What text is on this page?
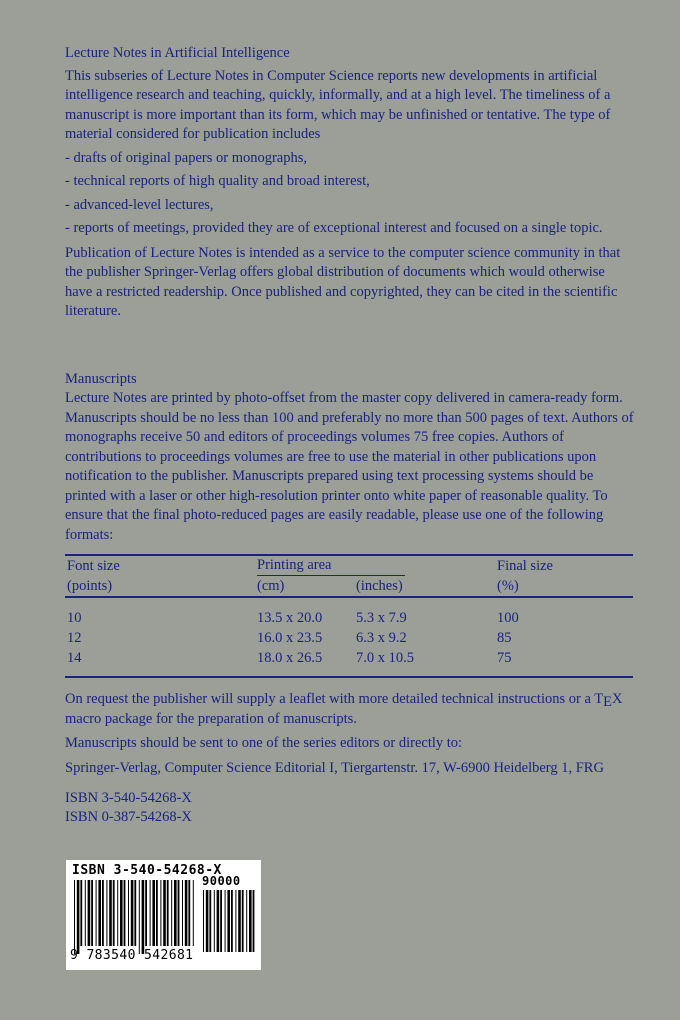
Lecture Notes in Artificial Intelligence

This subseries of Lecture Notes in Computer Science reports new developments in artificial intelligence research and teaching, quickly, informally, and at a high level. The timeliness of a manuscript is more important than its form, which may be unfinished or tentative. The type of material considered for publication includes

- drafts of original papers or monographs,

- technical reports of high quality and broad interest,

- advanced-level lectures,

- reports of meetings, provided they are of exceptional interest and focused on a single topic.

Publication of Lecture Notes is intended as a service to the computer science community in that the publisher Springer-Verlag offers global distribution of documents which would otherwise have a restricted readership. Once published and copyrighted, they can be cited in the scientific literature.

Manuscripts

Lecture Notes are printed by photo-offset from the master copy delivered in camera-ready form. Manuscripts should be no less than 100 and preferably no more than 500 pages of text. Authors of monographs receive 50 and editors of proceedings volumes 75 free copies. Authors of contributions to proceedings volumes are free to use the material in other publications upon notification to the publisher. Manuscripts prepared using text processing systems should be printed with a laser or other high-resolution printer onto white paper of reasonable quality. To ensure that the final photo-reduced pages are easily readable, please use one of the following formats:

Font size	Printing area		Final size
(points)	(cm)	(inches)	(%)
10	13.5 x 20.0	5.3 x 7.9	100
12	16.0 x 23.5	6.3 x 9.2	85
14	18.0 x 26.5	7.0 x 10.5	75

On request the publisher will supply a leaflet with more detailed technical instructions or a TEX macro package for the preparation of manuscripts.

Manuscripts should be sent to one of the series editors or directly to:

Springer-Verlag, Computer Science Editorial I, Tiergartenstr. 17, W-6900 Heidelberg 1, FRG

ISBN 3-540-54268-X

ISBN 0-387-54268-X

ISBN 3-540-54268-X
90000
9 783540 542681
